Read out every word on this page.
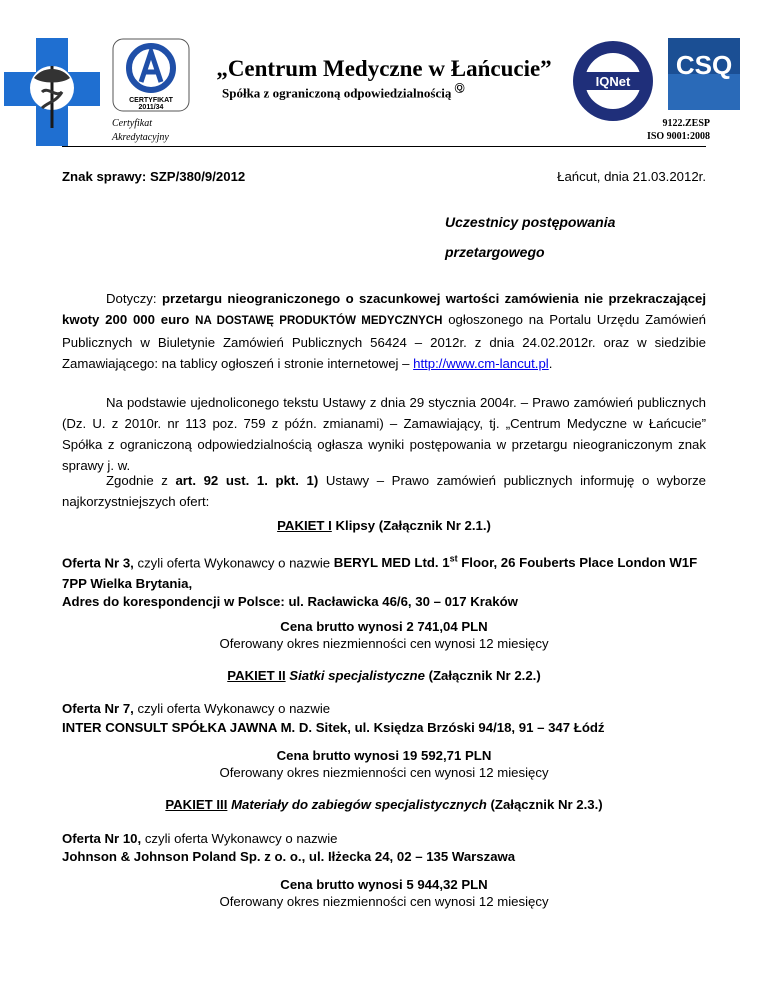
CERTYFIKAT 2011/34
IQNet
CSQ
„Centrum Medyczne w Łańcucie”
Spółka z ograniczoną odpowiedzialnością Ⓠ
Certyfikat
Akredytacyjny
9122.ZESP
ISO 9001:2008
Znak sprawy: SZP/380/9/2012	Łańcut, dnia 21.03.2012r.
Uczestnicy postępowania
przetargowego
Dotyczy: przetargu nieograniczonego o szacunkowej wartości zamówienia nie przekraczającej kwoty 200 000 euro NA DOSTAWĘ PRODUKTÓW MEDYCZNYCH ogłoszonego na Portalu Urzędu Zamówień Publicznych w Biuletynie Zamówień Publicznych 56424 – 2012r. z dnia 24.02.2012r. oraz w siedzibie Zamawiającego: na tablicy ogłoszeń i stronie internetowej – http://www.cm-lancut.pl.
Na podstawie ujednoliconego tekstu Ustawy z dnia 29 stycznia 2004r. – Prawo zamówień publicznych (Dz. U. z 2010r. nr 113 poz. 759 z późn. zmianami) – Zamawiający, tj. „Centrum Medyczne w Łańcucie” Spółka z ograniczoną odpowiedzialnością ogłasza wyniki postępowania w przetargu nieograniczonym znak sprawy j. w.
Zgodnie z art. 92 ust. 1. pkt. 1) Ustawy – Prawo zamówień publicznych informuję o wyborze najkorzystniejszych ofert:
PAKIET I Klipsy (Załącznik Nr 2.1.)
Oferta Nr 3, czyli oferta Wykonawcy o nazwie BERYL MED Ltd. 1st Floor, 26 Fouberts Place London W1F 7PP Wielka Brytania,
Adres do korespondencji w Polsce: ul. Racławicka 46/6, 30 – 017 Kraków
Cena brutto wynosi 2 741,04 PLN
Oferowany okres niezmienności cen wynosi 12 miesięcy
PAKIET II Siatki specjalistyczne (Załącznik Nr 2.2.)
Oferta Nr 7, czyli oferta Wykonawcy o nazwie
INTER CONSULT SPÓŁKA JAWNA M. D. Sitek, ul. Księdza Brzóski 94/18, 91 – 347 Łódź
Cena brutto wynosi 19 592,71 PLN
Oferowany okres niezmienności cen wynosi 12 miesięcy
PAKIET III Materiały do zabiegów specjalistycznych (Załącznik Nr 2.3.)
Oferta Nr 10, czyli oferta Wykonawcy o nazwie
Johnson & Johnson Poland Sp. z o. o., ul. Iłżecka 24, 02 – 135 Warszawa
Cena brutto wynosi 5 944,32 PLN
Oferowany okres niezmienności cen wynosi 12 miesięcy
